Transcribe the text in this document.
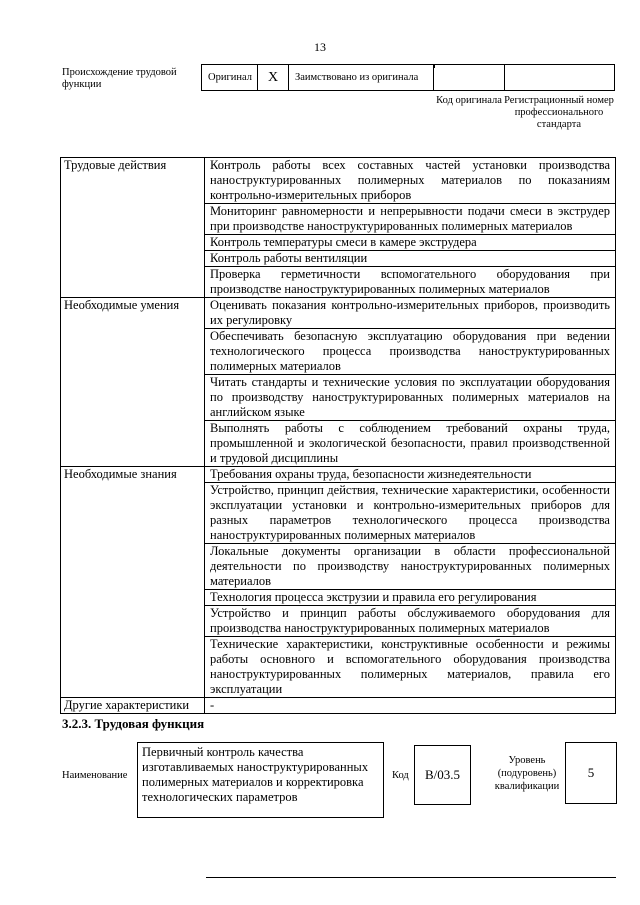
13
Происхождение трудовой функции
Оригинал	X	Заимствовано из оригинала
Код оригинала Регистрационный номер профессионального стандарта
Трудовые действия	Контроль работы всех составных частей установки производства наноструктурированных полимерных материалов по показаниям контрольно-измерительных приборов
	Мониторинг равномерности и непрерывности подачи смеси в экструдер при производстве наноструктурированных полимерных материалов
	Контроль температуры смеси в камере экструдера
	Контроль работы вентиляции
	Проверка герметичности вспомогательного оборудования при производстве наноструктурированных полимерных материалов
Необходимые умения	Оценивать показания контрольно-измерительных приборов, производить их регулировку
	Обеспечивать безопасную эксплуатацию оборудования при ведении технологического процесса производства наноструктурированных полимерных материалов
	Читать стандарты и технические условия по эксплуатации оборудования по производству наноструктурированных полимерных материалов на английском языке
	Выполнять работы с соблюдением требований охраны труда, промышленной и экологической безопасности, правил производственной и трудовой дисциплины
Необходимые знания	Требования охраны труда, безопасности жизнедеятельности
	Устройство, принцип действия, технические характеристики, особенности эксплуатации установки и контрольно-измерительных приборов для разных параметров технологического процесса производства наноструктурированных полимерных материалов
	Локальные документы организации в области профессиональной деятельности по производству наноструктурированных полимерных материалов
	Технология процесса экструзии и правила его регулирования
	Устройство и принцип работы обслуживаемого оборудования для производства наноструктурированных полимерных материалов
	Технические характеристики, конструктивные особенности и режимы работы основного и вспомогательного оборудования производства наноструктурированных полимерных материалов, правила его эксплуатации
Другие характеристики	-
3.2.3. Трудовая функция
Наименование
Первичный контроль качества изготавливаемых наноструктурированных полимерных материалов и корректировка технологических параметров
Код	B/03.5
Уровень (подуровень) квалификации
5
